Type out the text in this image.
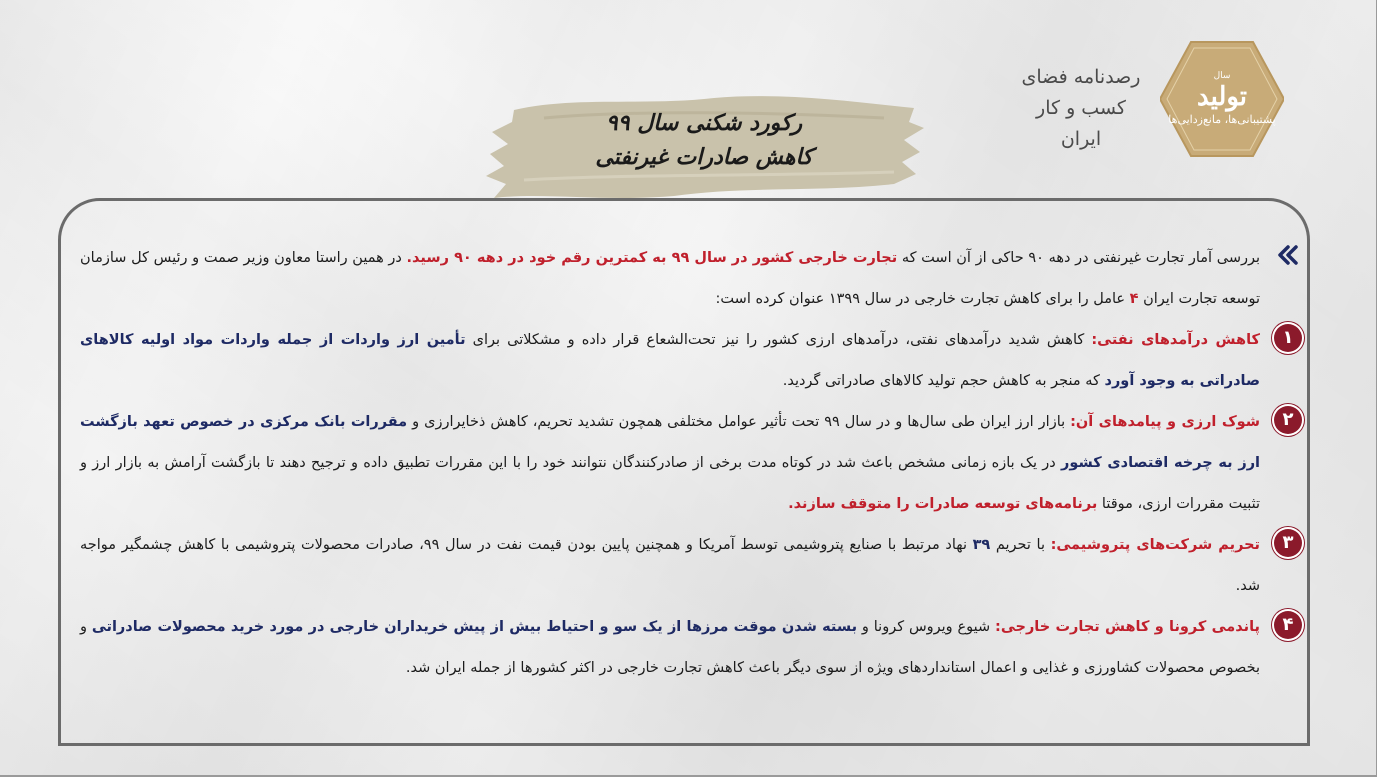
رکورد شکنی سال ۹۹
کاهش صادرات غیرنفتی
سال
تولید
پشتیبانی‌ها، مانع‌زدایی‌ها
رصدنامه فضای
کسب و کار
ایران

بررسی آمار تجارت غیرنفتی در دهه ۹۰ حاکی از آن است که تجارت خارجی کشور در سال ۹۹ به کمترین رقم خود در دهه ۹۰ رسید. در همین راستا معاون وزیر صمت و رئیس کل سازمان توسعه تجارت ایران ۴ عامل را برای کاهش تجارت خارجی در سال ۱۳۹۹ عنوان کرده است:

۱
کاهش درآمدهای نفتی: کاهش شدید درآمدهای نفتی، درآمدهای ارزی کشور را نیز تحت‌الشعاع قرار داده و مشکلاتی برای تأمین ارز واردات از جمله واردات مواد اولیه کالاهای صادراتی به وجود آورد که منجر به کاهش حجم تولید کالاهای صادراتی گردید.

۲
شوک ارزی و پیامدهای آن: بازار ارز ایران طی سال‌ها و در سال ۹۹ تحت تأثیر عوامل مختلفی همچون تشدید تحریم، کاهش ذخایرارزی و مقررات بانک مرکزی در خصوص تعهد بازگشت ارز به چرخه اقتصادی کشور در یک بازه زمانی مشخص باعث شد در کوتاه مدت برخی از صادرکنندگان نتوانند خود را با این مقررات تطبیق داده و ترجیح دهند تا بازگشت آرامش به بازار ارز و تثبیت مقررات ارزی، موقتا برنامه‌های توسعه صادرات را متوقف سازند.

۳
تحریم شرکت‌های پتروشیمی: با تحریم ۳۹ نهاد مرتبط با صنایع پتروشیمی توسط آمریکا و همچنین پایین بودن قیمت نفت در سال ۹۹، صادرات محصولات پتروشیمی با کاهش چشمگیر مواجه شد.

۴
پاندمی کرونا و کاهش تجارت خارجی: شیوع ویروس کرونا و بسته شدن موقت مرزها از یک سو و احتیاط بیش از پیش خریداران خارجی در مورد خرید محصولات صادراتی و بخصوص محصولات کشاورزی و غذایی و اعمال استانداردهای ویژه از سوی دیگر باعث کاهش تجارت خارجی در اکثر کشورها از جمله ایران شد.
